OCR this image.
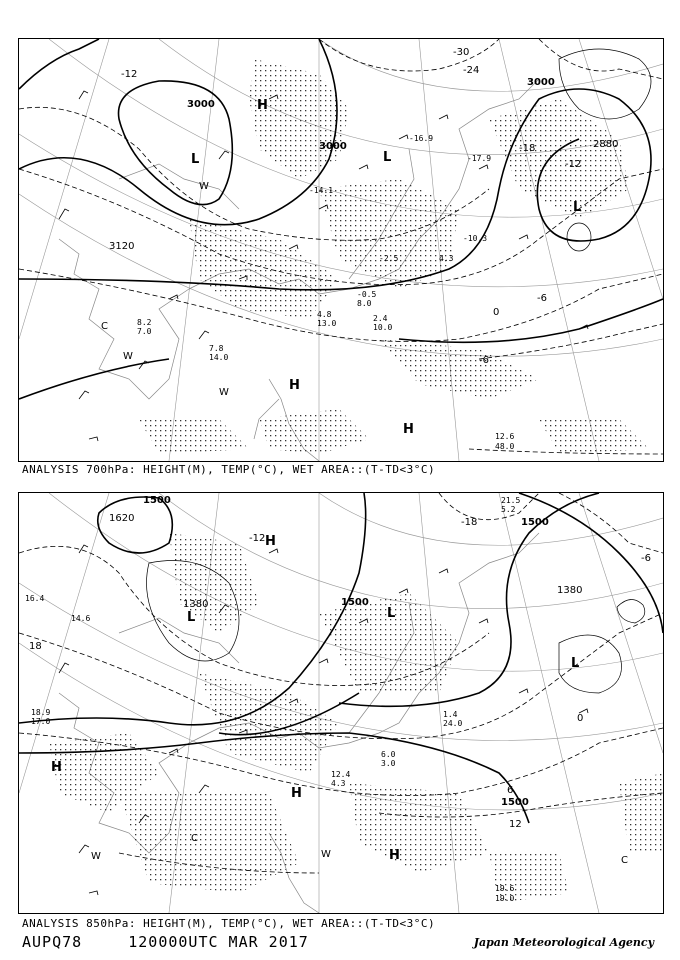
3000
3000
3000
2880
3120
-12
-18
-12
-6
-6
0
-30
-24
H
L	L
L
H
H
W
W
W
C
-14.1
-16.9
-17.9
-10.3
-2.5	4.3
2.4
10.0
12.6
48.0
7.8
14.0
8.2
7.0
-0.5
8.0
4.8
13.0
ANALYSIS 700hPa: HEIGHT(M), TEMP(°C), WET AREA::(T-TD<3°C)
1500
1620
1500
1500
1380
1380
1500
-12
-18
-6
0
6
18
12
H
L	L
L
H
H
H
W	W
C
C
19.6
19.0
12.4
4.3
6.0
3.0
18.9
17.0
16.4
14.6
21.5
5.2
1.4
24.0
ANALYSIS 850hPa: HEIGHT(M), TEMP(°C), WET AREA::(T-TD<3°C)
AUPQ78	120000UTC MAR 2017	Japan Meteorological Agency
